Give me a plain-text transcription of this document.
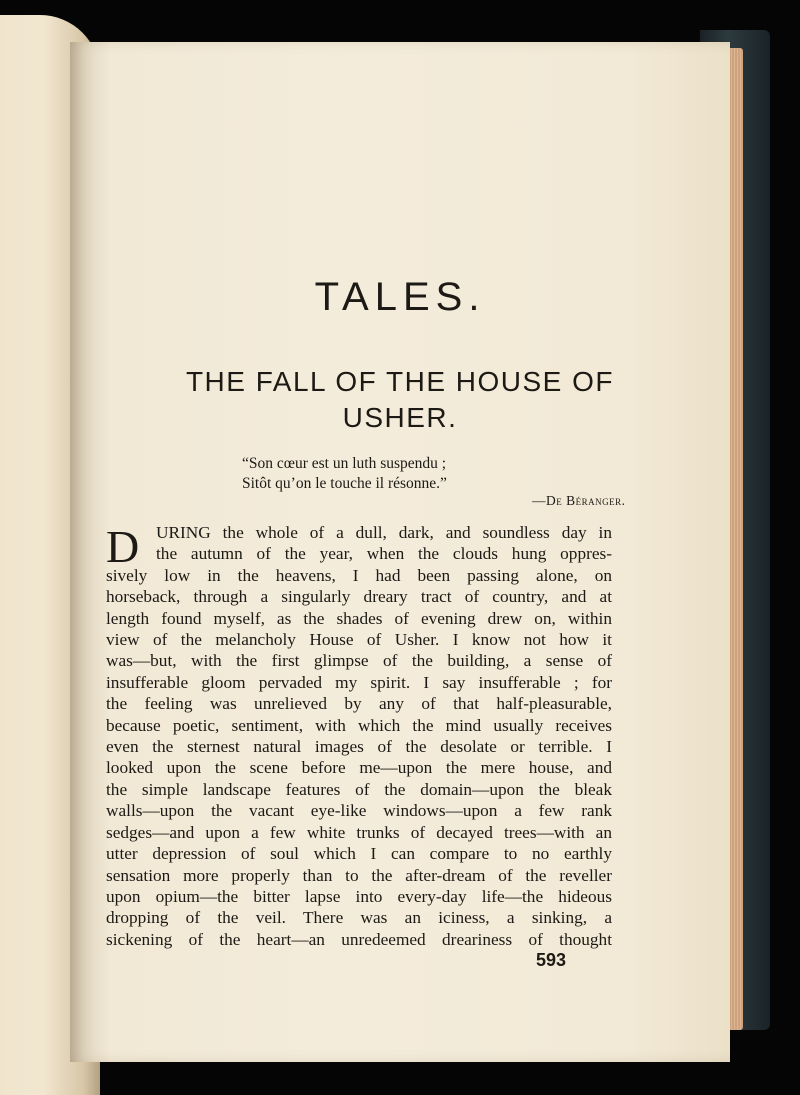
TALES.
THE FALL OF THE HOUSE OF
USHER.
“Son cœur est un luth suspendu ;
Sitôt qu’on le touche il résonne.”
—De Béranger.
D URING the whole of a dull, dark, and soundless day in
the autumn of the year, when the clouds hung oppres-
sively low in the heavens, I had been passing alone, on
horseback, through a singularly dreary tract of country, and at
length found myself, as the shades of evening drew on, within
view of the melancholy House of Usher. I know not how it
was—but, with the first glimpse of the building, a sense of
insufferable gloom pervaded my spirit. I say insufferable ; for
the feeling was unrelieved by any of that half-pleasurable,
because poetic, sentiment, with which the mind usually receives
even the sternest natural images of the desolate or terrible. I
looked upon the scene before me—upon the mere house, and
the simple landscape features of the domain—upon the bleak
walls—upon the vacant eye-like windows—upon a few rank
sedges—and upon a few white trunks of decayed trees—with an
utter depression of soul which I can compare to no earthly
sensation more properly than to the after-dream of the reveller
upon opium—the bitter lapse into every-day life—the hideous
dropping of the veil. There was an iciness, a sinking, a
sickening of the heart—an unredeemed dreariness of thought
593
